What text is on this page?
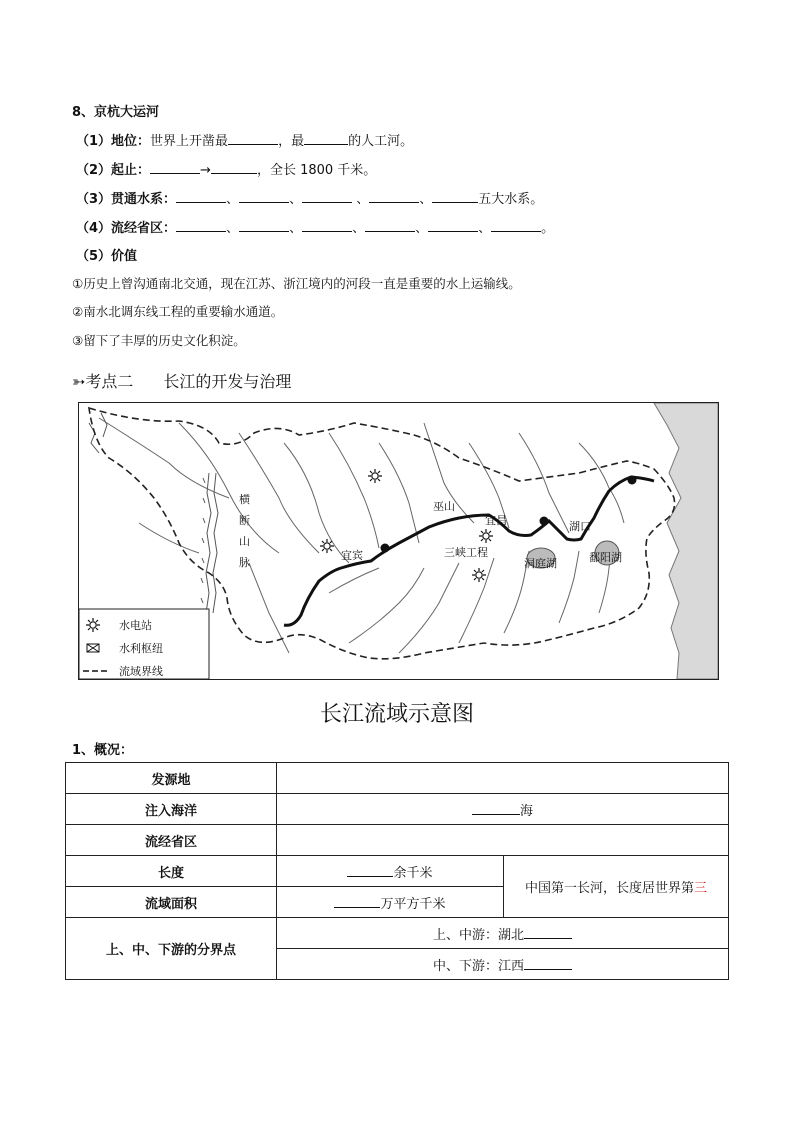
8、京杭大运河
（1）地位：世界上开凿最	，最	的人工河。
（2）起止：	→	，全长 1800 千米。
（3）贯通水系：	、	、	、	、	五大水系。
（4）流经省区：	、	、	、	、	、	。
（5）价值
①历史上曾沟通南北交通，现在江苏、浙江境内的河段一直是重要的水上运输线。
②南水北调东线工程的重要输水通道。
③留下了丰厚的历史文化积淀。
➳考点二 长江的开发与治理
横
断
山
脉
宜宾
巫山
宜昌
三峡工程
湖口
洞庭湖	鄱阳湖
水电站
水利枢纽
流域界线
长江流域示意图
1、概况：
发源地		
注入海洋	海	
流经省区		
长度	余千米	中国第一长河，长度居世界第三
流域面积	万平方千米	
上、中、下游的分界点	上、中游：湖北	
	中、下游：江西	
